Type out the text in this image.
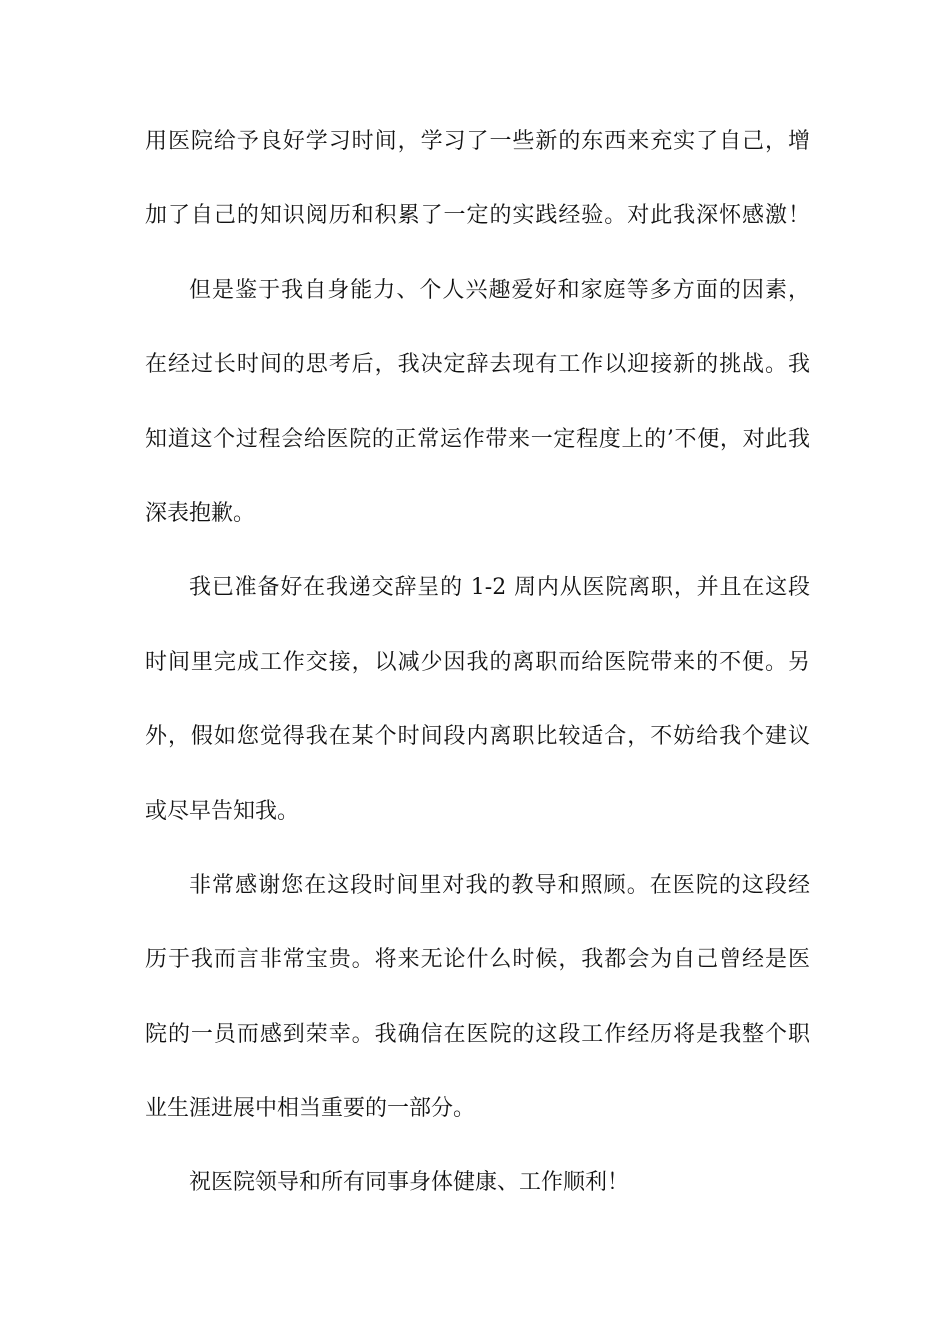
用医院给予良好学习时间，学习了一些新的东西来充实了自己，增
加了自己的知识阅历和积累了一定的实践经验。对此我深怀感激！
但是鉴于我自身能力、个人兴趣爱好和家庭等多方面的因素，
在经过长时间的思考后，我决定辞去现有工作以迎接新的挑战。我
知道这个过程会给医院的正常运作带来一定程度上的’不便，对此我
深表抱歉。
我已准备好在我递交辞呈的 1-2 周内从医院离职，并且在这段
时间里完成工作交接，以减少因我的离职而给医院带来的不便。另
外，假如您觉得我在某个时间段内离职比较适合，不妨给我个建议
或尽早告知我。
非常感谢您在这段时间里对我的教导和照顾。在医院的这段经
历于我而言非常宝贵。将来无论什么时候，我都会为自己曾经是医
院的一员而感到荣幸。我确信在医院的这段工作经历将是我整个职
业生涯进展中相当重要的一部分。
祝医院领导和所有同事身体健康、工作顺利！
